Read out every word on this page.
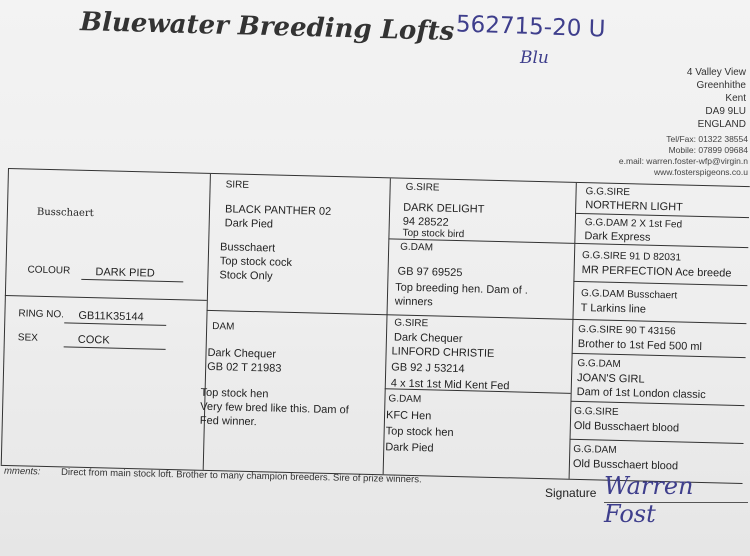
Bluewater Breeding Lofts 562715-20 U
Blu
4 Valley View
Greenhithe
Kent
DA9 9LU
ENGLAND
Tel/Fax: 01322 38554
Mobile: 07899 09684
e.mail: warren.foster-wfp@virgin.n
www.fosterspigeons.co.u
Busschaert
COLOUR	DARK PIED
RING NO.	GB11K35144
SEX	COCK
SIRE
BLACK PANTHER 02
Dark Pied
Busschaert
Top stock cock
Stock Only
DAM
Dark Chequer
GB 02 T 21983
Top stock hen
Very few bred like this. Dam of
Fed winner.
G.SIRE
DARK DELIGHT
94 28522
Top stock bird
G.DAM
GB 97 69525
Top breeding hen. Dam of .
winners
G.SIRE
Dark Chequer
LINFORD CHRISTIE
GB 92 J 53214
4 x 1st 1st Mid Kent Fed
G.DAM
KFC Hen
Top stock hen
Dark Pied
G.G.SIRE
NORTHERN LIGHT
G.G.DAM 2 X 1st Fed
Dark Express
G.G.SIRE 91 D 82031
MR PERFECTION Ace breede
G.G.DAM Busschaert
T Larkins line
G.G.SIRE 90 T 43156
Brother to 1st Fed 500 ml
G.G.DAM
JOAN'S GIRL
Dam of 1st London classic
G.G.SIRE
Old Busschaert blood
G.G.DAM
Old Busschaert blood
mments: Direct from main stock loft. Brother to many champion breeders. Sire of prize winners.
Signature Warren Fost
